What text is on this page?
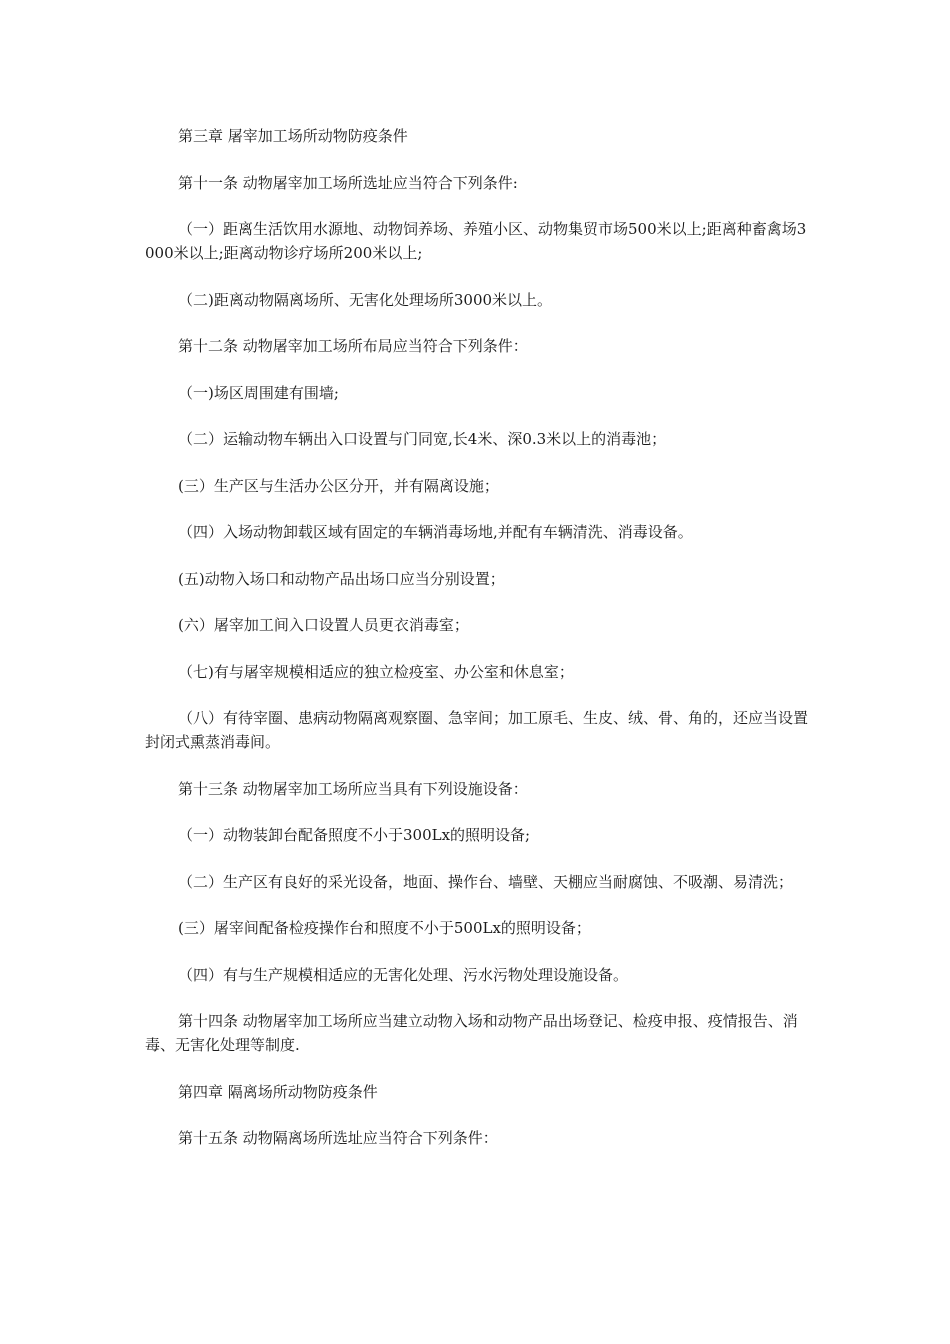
第三章 屠宰加工场所动物防疫条件

第十一条 动物屠宰加工场所选址应当符合下列条件:

（一）距离生活饮用水源地、动物饲养场、养殖小区、动物集贸市场500米以上;距离种畜禽场3000米以上;距离动物诊疗场所200米以上;

（二)距离动物隔离场所、无害化处理场所3000米以上。

第十二条 动物屠宰加工场所布局应当符合下列条件：

（一)场区周围建有围墙;

（二）运输动物车辆出入口设置与门同宽,长4米、深0.3米以上的消毒池；

(三）生产区与生活办公区分开，并有隔离设施；

（四）入场动物卸载区域有固定的车辆消毒场地,并配有车辆清洗、消毒设备。

(五)动物入场口和动物产品出场口应当分别设置；

(六）屠宰加工间入口设置人员更衣消毒室；

（七)有与屠宰规模相适应的独立检疫室、办公室和休息室；

（八）有待宰圈、患病动物隔离观察圈、急宰间；加工原毛、生皮、绒、骨、角的，还应当设置封闭式熏蒸消毒间。

第十三条 动物屠宰加工场所应当具有下列设施设备：

（一）动物装卸台配备照度不小于300Lx的照明设备;

（二）生产区有良好的采光设备，地面、操作台、墙壁、天棚应当耐腐蚀、不吸潮、易清洗；

(三）屠宰间配备检疫操作台和照度不小于500Lx的照明设备；

（四）有与生产规模相适应的无害化处理、污水污物处理设施设备。

第十四条 动物屠宰加工场所应当建立动物入场和动物产品出场登记、检疫申报、疫情报告、消毒、无害化处理等制度.

第四章 隔离场所动物防疫条件

第十五条 动物隔离场所选址应当符合下列条件：
